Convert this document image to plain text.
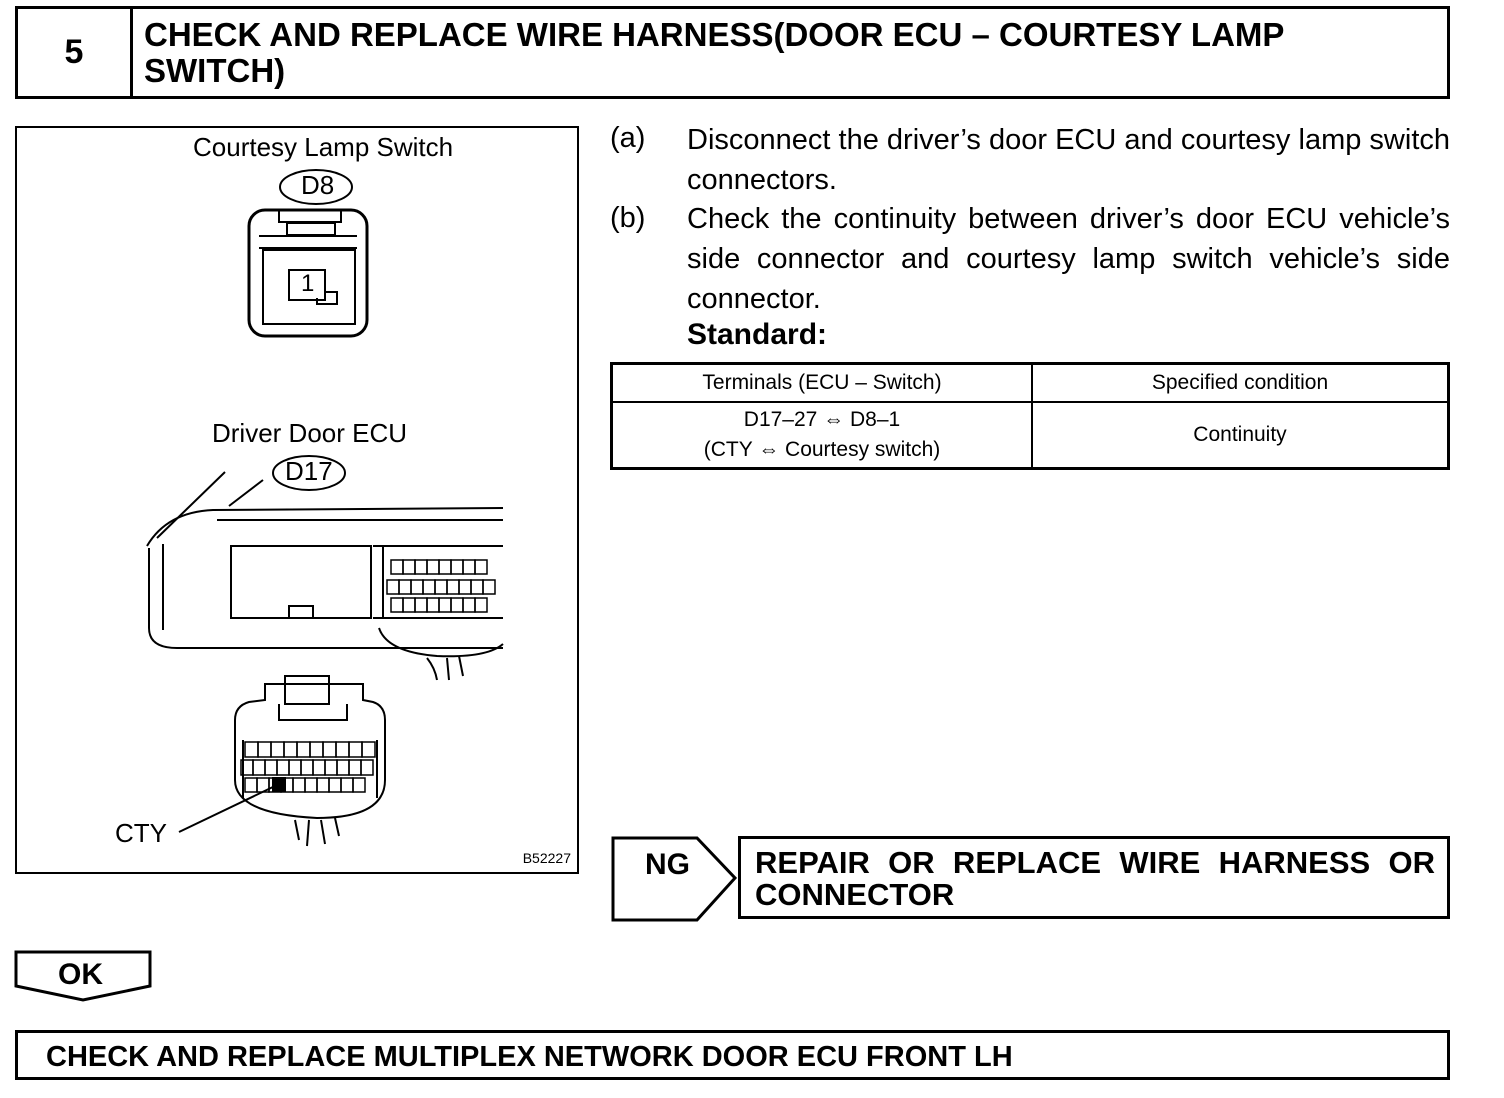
5	CHECK AND REPLACE WIRE HARNESS(DOOR ECU – COURTESY LAMP SWITCH)
Courtesy Lamp Switch
D8
1
Driver Door ECU
D17
CTY
B52227
(a) Disconnect the driver’s door ECU and courtesy lamp switch connectors.
(b) Check the continuity between driver’s door ECU vehicle’s side connector and courtesy lamp switch vehicle’s side connector.
Standard:
Terminals (ECU – Switch)	Specified condition

D17–27 ⇔ D8–1
(CTY ⇔ Courtesy switch)	Continuity
NG REPAIR OR REPLACE WIRE HARNESS OR CONNECTOR
OK
CHECK AND REPLACE MULTIPLEX NETWORK DOOR ECU FRONT LH
